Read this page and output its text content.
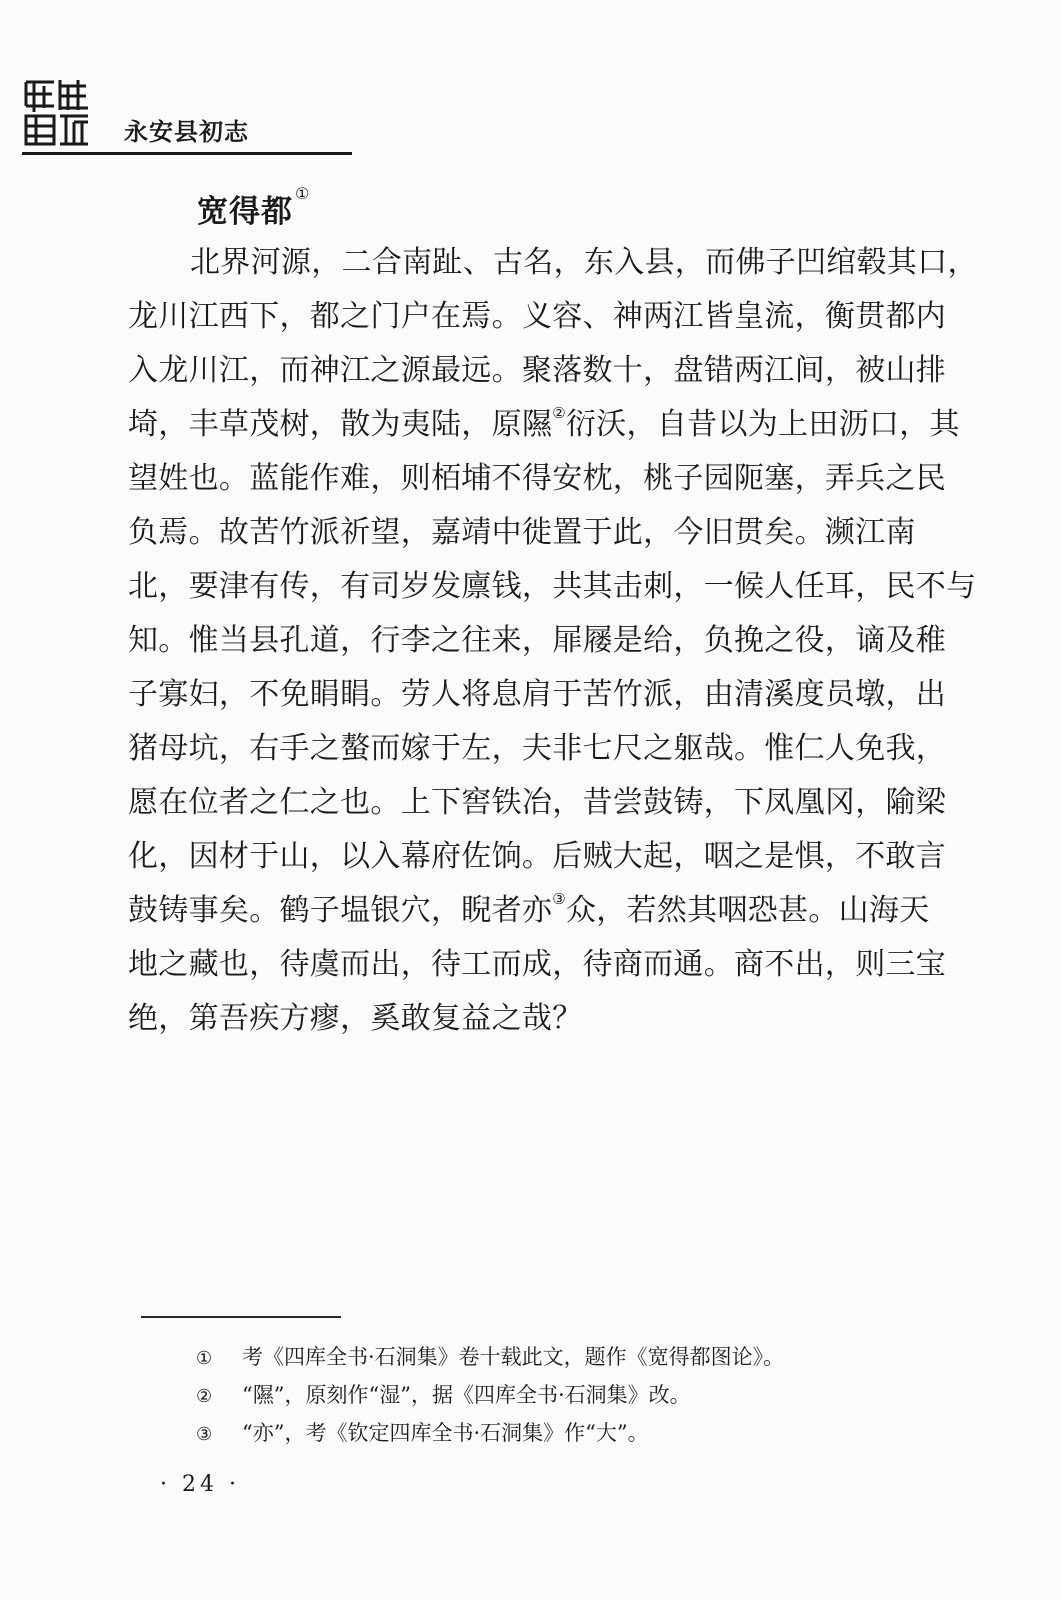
永安县初志
宽得都①
北界河源，二合南趾、古名，东入县，而佛子凹绾毂其口，
龙川江西下，都之门户在焉。义容、神两江皆皇流，衡贯都内
入龙川江，而神江之源最远。聚落数十，盘错两江间，被山排
埼，丰草茂树，散为夷陆，原隰②衍沃，自昔以为上田沥口，其
望姓也。蓝能作难，则栢埔不得安枕，桃子园阨塞，弄兵之民
负焉。故苦竹派祈望，嘉靖中徙置于此，今旧贯矣。濒江南
北，要津有传，有司岁发廪钱，共其击刺，一候人任耳，民不与
知。惟当县孔道，行李之往来，屝屦是给，负挽之役，谪及稚
子寡妇，不免睊睊。劳人将息肩于苦竹派，由清溪度员墩，出
猪母坑，右手之螯而嫁于左，夫非七尺之躯哉。惟仁人免我，
愿在位者之仁之也。上下窖铁冶，昔尝鼓铸，下凤凰冈，隃梁
化，因材于山，以入幕府佐饷。后贼大起，咽之是惧，不敢言
鼓铸事矣。鹤子塭银穴，睨者亦③众，若然其咽恐甚。山海天
地之藏也，待虞而出，待工而成，待商而通。商不出，则三宝
绝，第吾疾方瘳，奚敢复益之哉？
① 考《四库全书·石洞集》卷十载此文，题作《宽得都图论》。
② “隰”，原刻作“湿”，据《四库全书·石洞集》改。
③ “亦”，考《钦定四库全书·石洞集》作“大”。
· 24 ·
